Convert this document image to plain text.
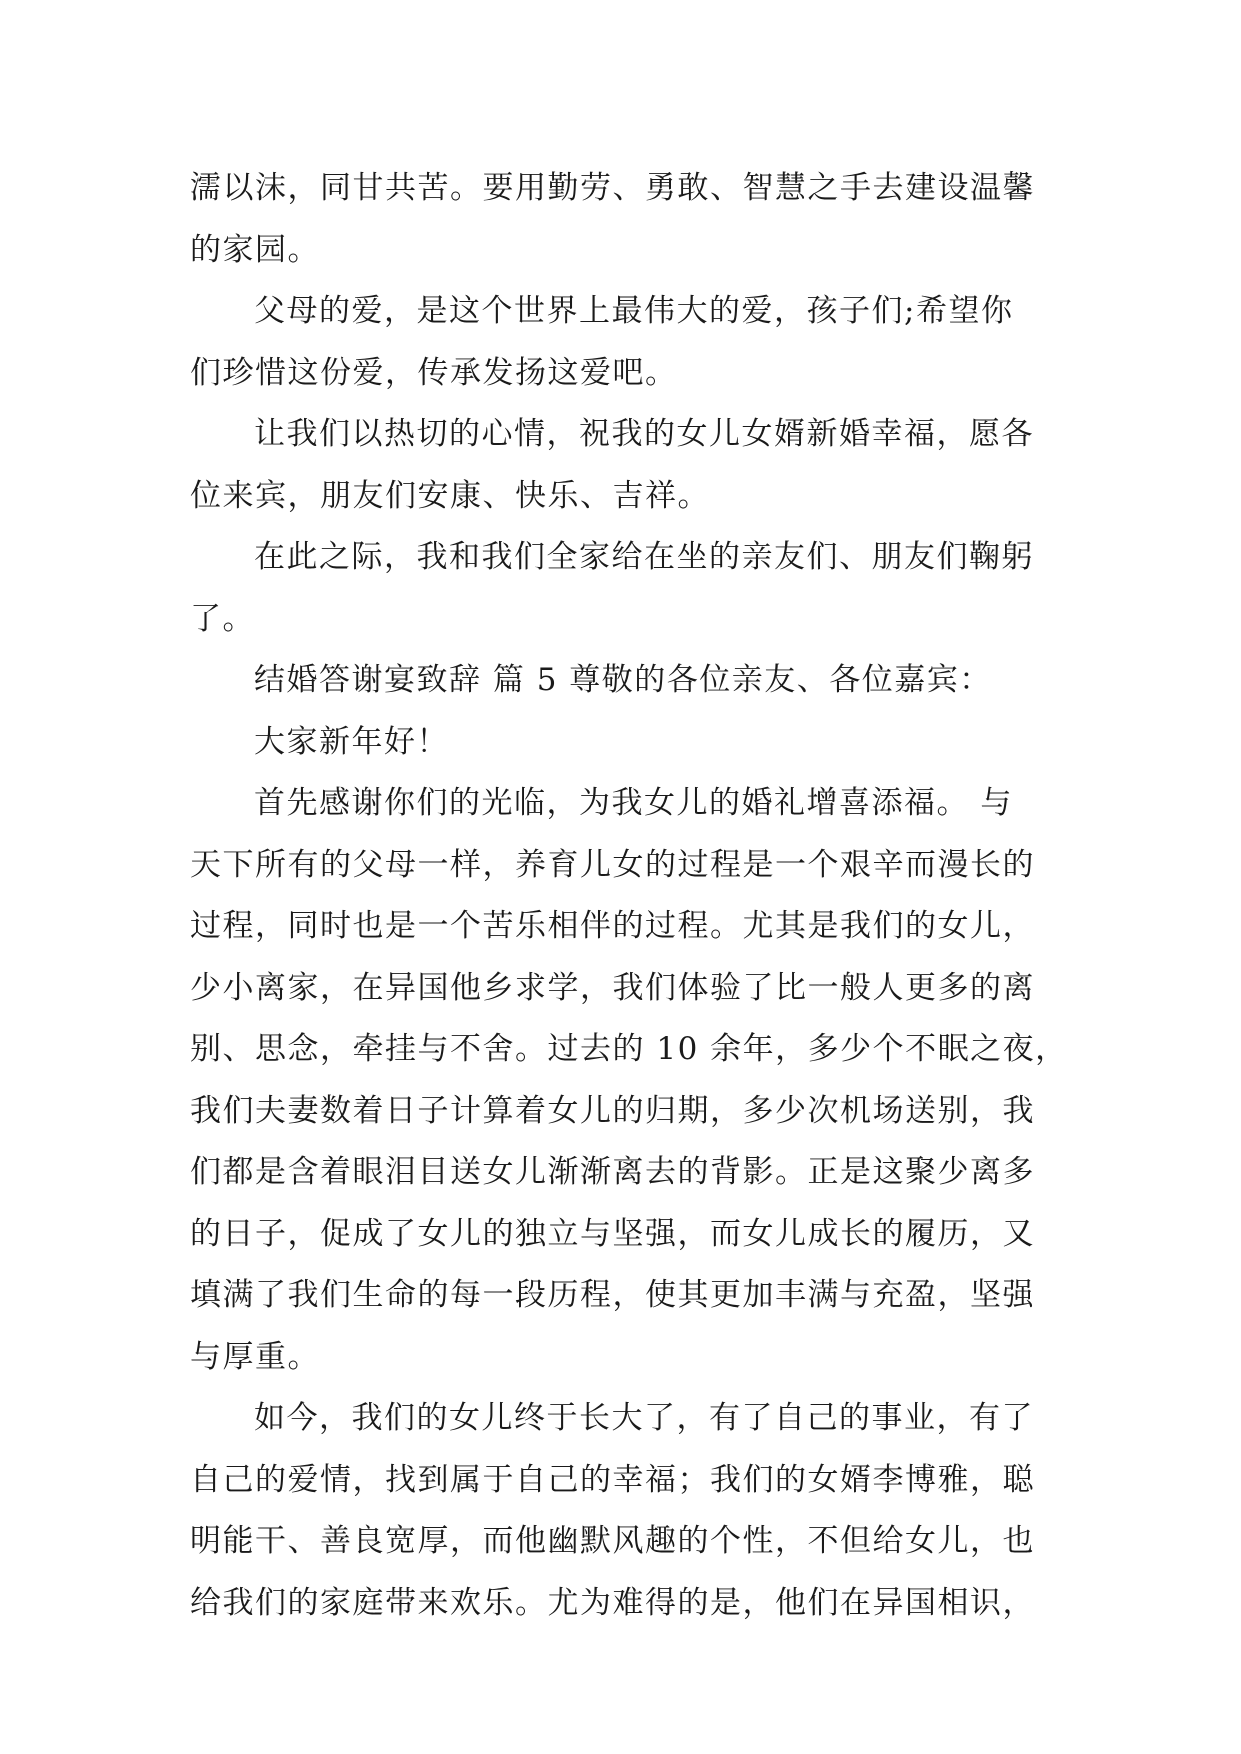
濡以沫，同甘共苦。要用勤劳、勇敢、智慧之手去建设温馨
的家园。
父母的爱，是这个世界上最伟大的爱，孩子们;希望你
们珍惜这份爱，传承发扬这爱吧。
让我们以热切的心情，祝我的女儿女婿新婚幸福，愿各
位来宾，朋友们安康、快乐、吉祥。
在此之际，我和我们全家给在坐的亲友们、朋友们鞠躬
了。
结婚答谢宴致辞 篇 5 尊敬的各位亲友、各位嘉宾：
大家新年好！
首先感谢你们的光临，为我女儿的婚礼增喜添福。 与
天下所有的父母一样，养育儿女的过程是一个艰辛而漫长的
过程，同时也是一个苦乐相伴的过程。尤其是我们的女儿，
少小离家，在异国他乡求学，我们体验了比一般人更多的离
别、思念，牵挂与不舍。过去的 10 余年，多少个不眠之夜，
我们夫妻数着日子计算着女儿的归期，多少次机场送别，我
们都是含着眼泪目送女儿渐渐离去的背影。正是这聚少离多
的日子，促成了女儿的独立与坚强，而女儿成长的履历，又
填满了我们生命的每一段历程，使其更加丰满与充盈，坚强
与厚重。
如今，我们的女儿终于长大了，有了自己的事业，有了
自己的爱情，找到属于自己的幸福；我们的女婿李博雅，聪
明能干、善良宽厚，而他幽默风趣的个性，不但给女儿，也
给我们的家庭带来欢乐。尤为难得的是，他们在异国相识，
